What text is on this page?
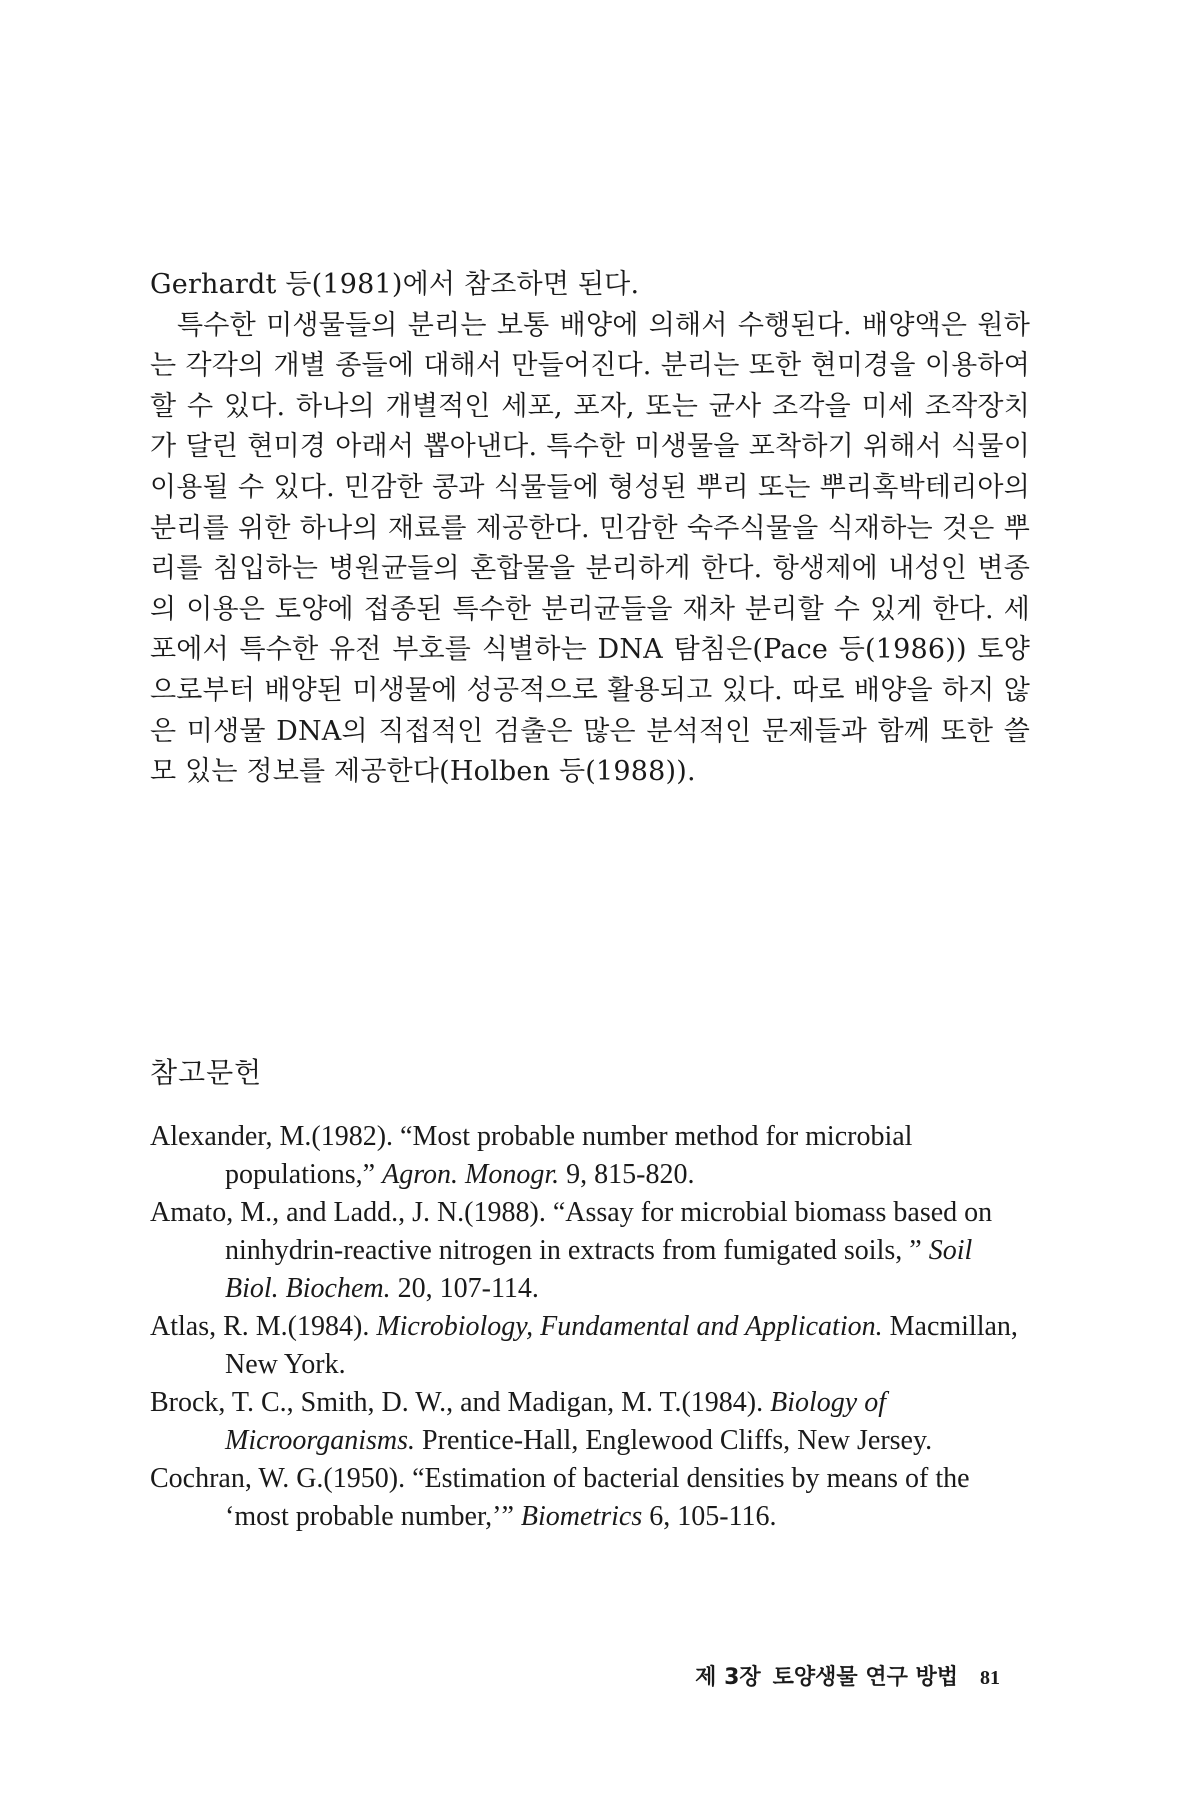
Gerhardt 등(1981)에서 참조하면 된다.

특수한 미생물들의 분리는 보통 배양에 의해서 수행된다. 배양액은 원하는 각각의 개별 종들에 대해서 만들어진다. 분리는 또한 현미경을 이용하여 할 수 있다. 하나의 개별적인 세포, 포자, 또는 균사 조각을 미세 조작장치가 달린 현미경 아래서 뽑아낸다. 특수한 미생물을 포착하기 위해서 식물이 이용될 수 있다. 민감한 콩과 식물들에 형성된 뿌리 또는 뿌리혹박테리아의 분리를 위한 하나의 재료를 제공한다. 민감한 숙주식물을 식재하는 것은 뿌리를 침입하는 병원균들의 혼합물을 분리하게 한다. 항생제에 내성인 변종의 이용은 토양에 접종된 특수한 분리균들을 재차 분리할 수 있게 한다. 세포에서 특수한 유전 부호를 식별하는 DNA 탐침은(Pace 등(1986)) 토양으로부터 배양된 미생물에 성공적으로 활용되고 있다. 따로 배양을 하지 않은 미생물 DNA의 직접적인 검출은 많은 분석적인 문제들과 함께 또한 쓸모 있는 정보를 제공한다(Holben 등(1988)).

참고문헌
Alexander, M.(1982). “Most probable number method for microbial populations,” Agron. Monogr. 9, 815-820.
Amato, M., and Ladd., J. N.(1988). “Assay for microbial biomass based on ninhydrin-reactive nitrogen in extracts from fumigated soils, ” Soil Biol. Biochem. 20, 107-114.
Atlas, R. M.(1984). Microbiology, Fundamental and Application. Macmillan, New York.
Brock, T. C., Smith, D. W., and Madigan, M. T.(1984). Biology of Microorganisms. Prentice-Hall, Englewood Cliffs, New Jersey.
Cochran, W. G.(1950). “Estimation of bacterial densities by means of the ‘most probable number,’” Biometrics 6, 105-116.
제 3장 토양생물 연구 방법 81
